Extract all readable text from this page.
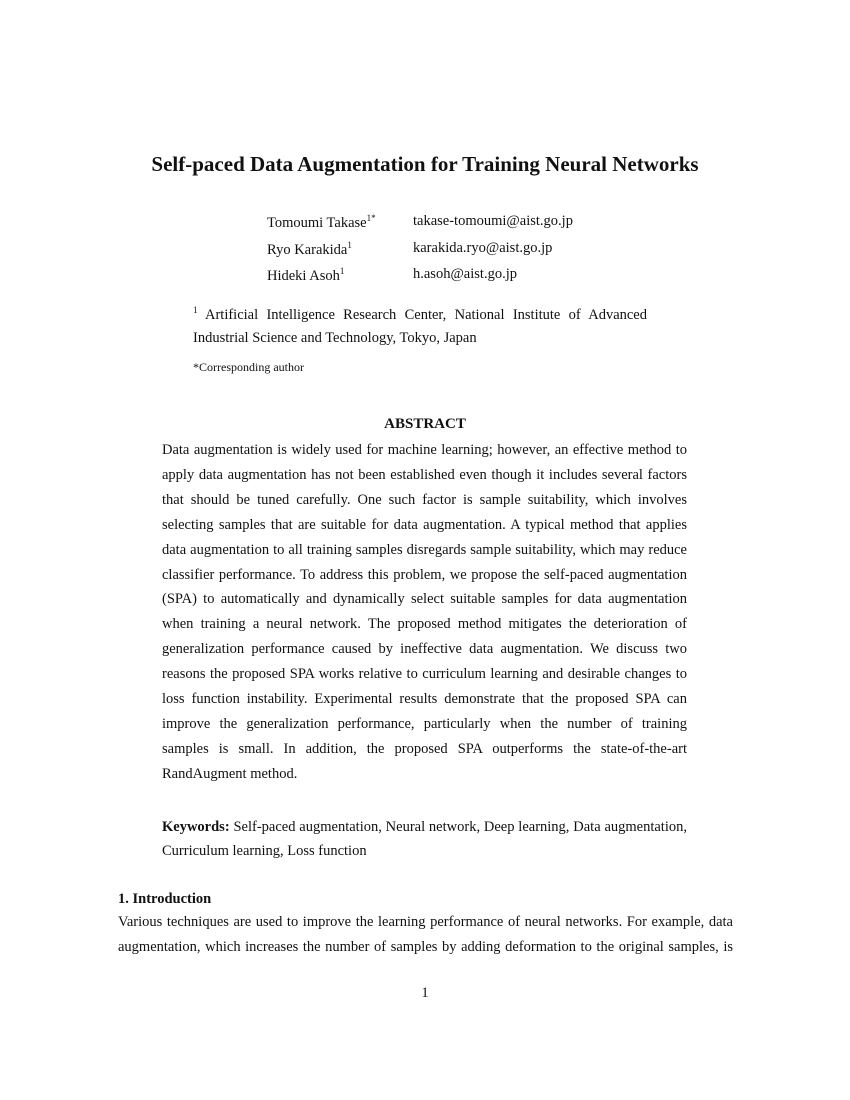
Self-paced Data Augmentation for Training Neural Networks
Tomoumi Takase$^{1*}$	takase-tomoumi@aist.go.jp
Ryo Karakida$^1$	karakida.ryo@aist.go.jp
Hideki Asoh$^1$	h.asoh@aist.go.jp
$^1$ Artificial Intelligence Research Center, National Institute of Advanced
Industrial Science and Technology, Tokyo, Japan
*Corresponding author
ABSTRACT
Data augmentation is widely used for machine learning; however, an effective method to
apply data augmentation has not been established even though it includes several factors
that should be tuned carefully. One such factor is sample suitability, which involves
selecting samples that are suitable for data augmentation. A typical method that applies
data augmentation to all training samples disregards sample suitability, which may reduce
classifier performance. To address this problem, we propose the self-paced augmentation
(SPA) to automatically and dynamically select suitable samples for data augmentation
when training a neural network. The proposed method mitigates the deterioration of
generalization performance caused by ineffective data augmentation. We discuss two
reasons the proposed SPA works relative to curriculum learning and desirable changes to
loss function instability. Experimental results demonstrate that the proposed SPA can
improve the generalization performance, particularly when the number of training
samples is small. In addition, the proposed SPA outperforms the state-of-the-art
RandAugment method.
Keywords: Self-paced augmentation, Neural network, Deep learning, Data augmentation,
Curriculum learning, Loss function
1. Introduction
Various techniques are used to improve the learning performance of neural networks. For example, data
augmentation, which increases the number of samples by adding deformation to the original samples, is
1
